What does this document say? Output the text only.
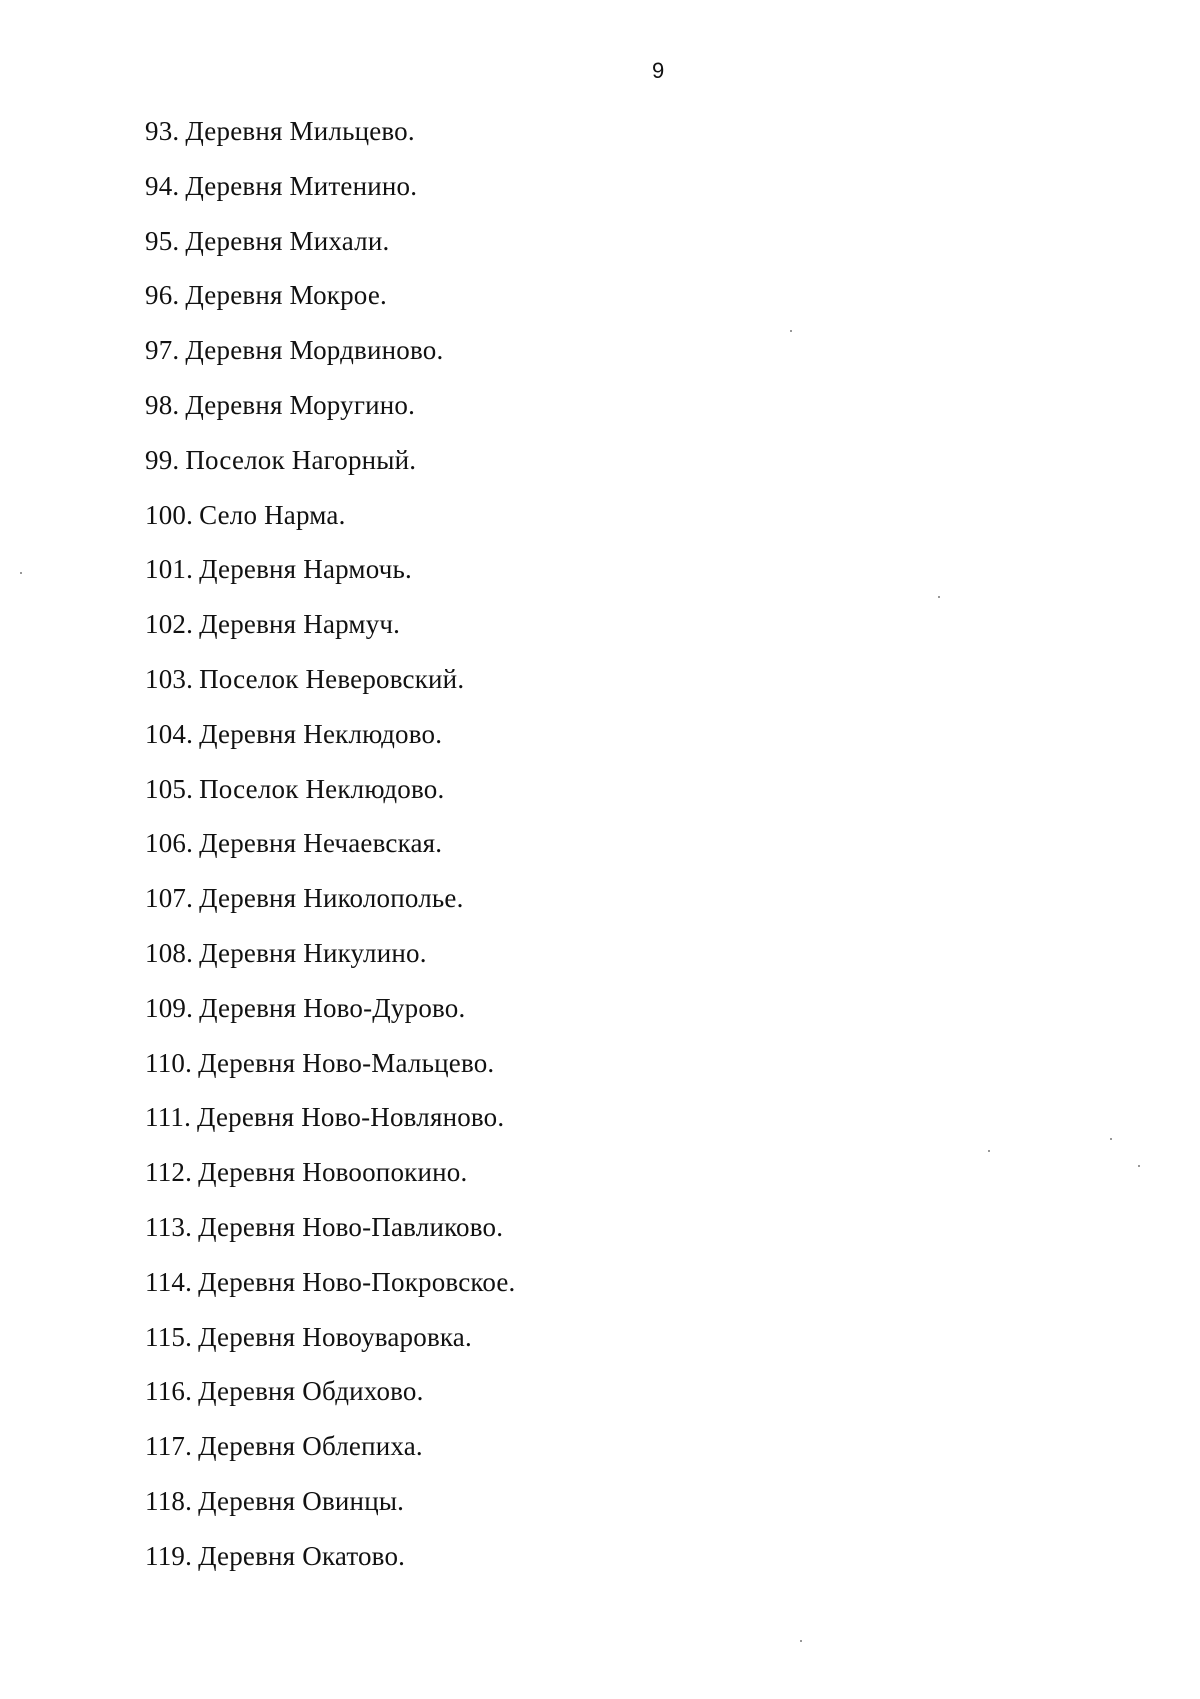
9
93. Деревня Мильцево.
94. Деревня Митенино.
95. Деревня Михали.
96. Деревня Мокрое.
97. Деревня Мордвиново.
98. Деревня Моругино.
99. Поселок Нагорный.
100. Село Нарма.
101. Деревня Нармочь.
102. Деревня Нармуч.
103. Поселок Неверовский.
104. Деревня Неклюдово.
105. Поселок Неклюдово.
106. Деревня Нечаевская.
107. Деревня Николополье.
108. Деревня Никулино.
109. Деревня Ново-Дурово.
110. Деревня Ново-Мальцево.
111. Деревня Ново-Новляново.
112. Деревня Новоопокино.
113. Деревня Ново-Павликово.
114. Деревня Ново-Покровское.
115. Деревня Новоуваровка.
116. Деревня Обдихово.
117. Деревня Облепиха.
118. Деревня Овинцы.
119. Деревня Окатово.
